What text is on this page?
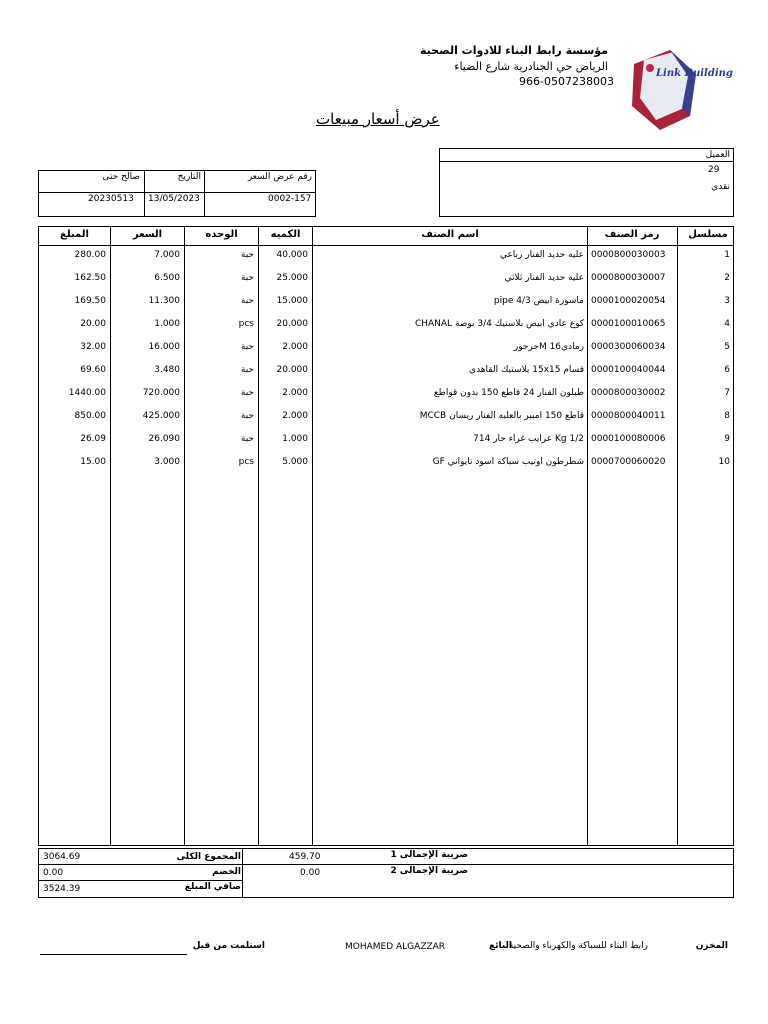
مؤسسة رابط البناء للادوات الصحية
الرياض حي الجنادرية شارع الضياء
966-0507238003
Link Building
عرض أسعار مبيعات
العميل
29
نقدي
رقم عرض السعر
التاريخ
صالح حتى
0002-157
13/05/2023
20230513
مسلسل
رمز الصنف
اسم الصنف
الكميه
الوحده
السعر
المبلغ
1
0000800030003
عليه حديد الفنار رباعي
40.000
حبة
7.000
280.00
2
0000800030007
عليه حديد الفنار ثلاثي
25.000
حبة
6.500
162.50
3
0000100020054
ماسورة ابيض pipe 4/3
15.000
حبة
11.300
169.50
4
0000100010065
كوع عادي ابيض بلاستيك 3/4 بوصة CHANAL
20.000
pcs
1.000
20.00
5
0000300060034
رمادي16 Mجرجور
2.000
حبة
16.000
32.00
6
0000100040044
قسام 15x15 بلاستيك القاهدي
20.000
حبة
3.480
69.60
7
0000800030002
طبلون الفنار 24 قاطع 150 بدون قواطع
2.000
حبة
720.000
1440.00
8
0000800040011
قاطع 150 امبير بالعلبه الفنار ريسان MCCB
2.000
حبة
425.000
850.00
9
0000100080006
1/2 Kg عرايب غراء حار 714
1.000
حبة
26.090
26.09
10
0000700060020
شطرطون اوتيب سباكة اسود تايواني GF
5.000
pcs
3.000
15.00
ضريبة الإجمالى 1
459.70
ضريبة الإجمالى 2
0.00
المجموع الكلى
3064.69
الخصم
0.00
صافي المبلغ
3524.39
المخزن
رابط البناء للسباكة والكهرباء والصحية
البائع
MOHAMED ALGAZZAR
استلمت من قبل
